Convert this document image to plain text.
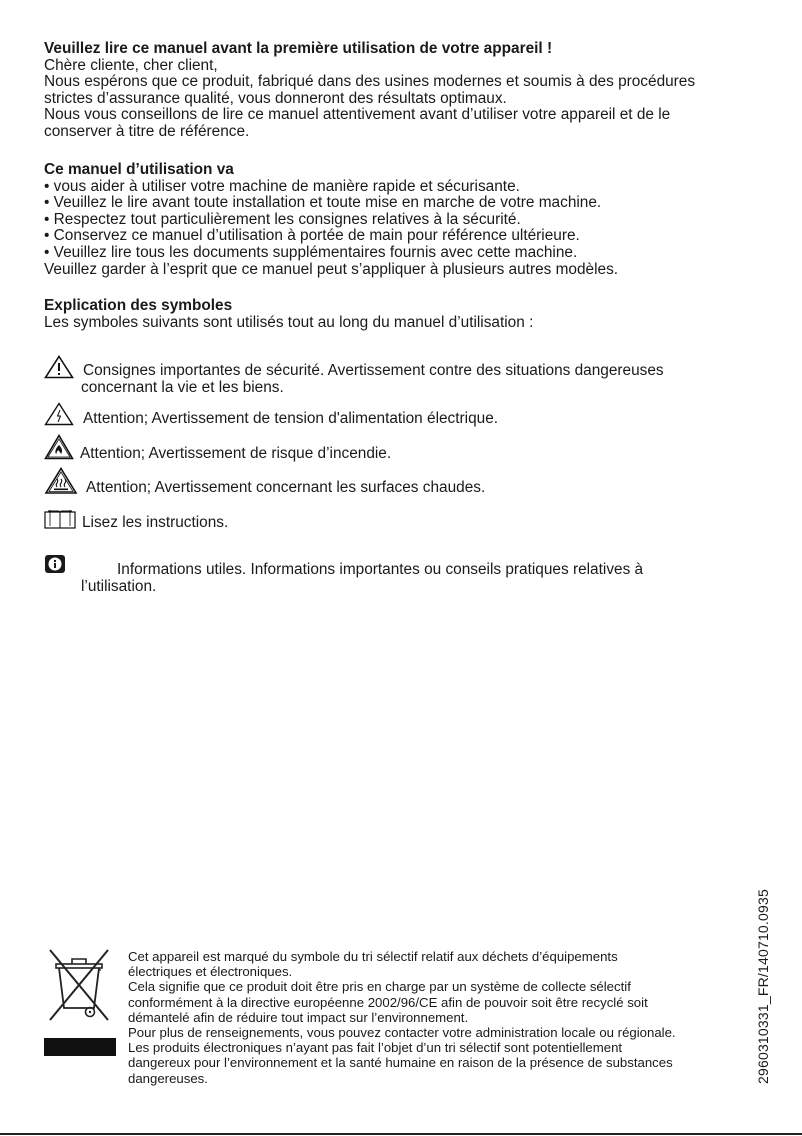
Veuillez lire ce manuel avant la première utilisation de votre appareil !

Chère cliente, cher client,

Nous espérons que ce produit, fabriqué dans des usines modernes et soumis à des procédures

strictes d’assurance qualité, vous donneront des résultats optimaux.

Nous vous conseillons de lire ce manuel attentivement avant d’utiliser votre appareil et de le

conserver à titre de référence.

Ce manuel d’utilisation va

• vous aider à utiliser votre machine de manière rapide et sécurisante.

• Veuillez le lire avant toute installation et toute mise en marche de votre machine.

• Respectez tout particulièrement les consignes relatives à la sécurité.

• Conservez ce manuel d’utilisation à portée de main pour référence ultérieure.

• Veuillez lire tous les documents supplémentaires fournis avec cette machine.

Veuillez garder à l’esprit que ce manuel peut s’appliquer à plusieurs autres modèles.

Explication des symboles

Les symboles suivants sont utilisés tout au long du manuel d’utilisation :

Consignes importantes de sécurité. Avertissement contre des situations dangereuses

concernant la vie et les biens.

Attention; Avertissement de tension d'alimentation électrique.

Attention; Avertissement de risque d’incendie.

Attention; Avertissement concernant les surfaces chaudes.

Lisez les instructions.

Informations utiles. Informations importantes ou conseils pratiques relatives à

l’utilisation.

Cet appareil est marqué du symbole du tri sélectif relatif aux déchets d’équipements

électriques et électroniques.

Cela signifie que ce produit doit être pris en charge par un système de collecte sélectif

conformément à la directive européenne 2002/96/CE afin de pouvoir soit être recyclé soit

démantelé afin de réduire tout impact sur l’environnement.

Pour plus de renseignements, vous pouvez contacter votre administration locale ou régionale.

Les produits électroniques n’ayant pas fait l’objet d’un tri sélectif sont potentiellement

dangereux pour l’environnement et la santé humaine en raison de la présence de substances

dangereuses.	2960310331_FR/140710.0935
